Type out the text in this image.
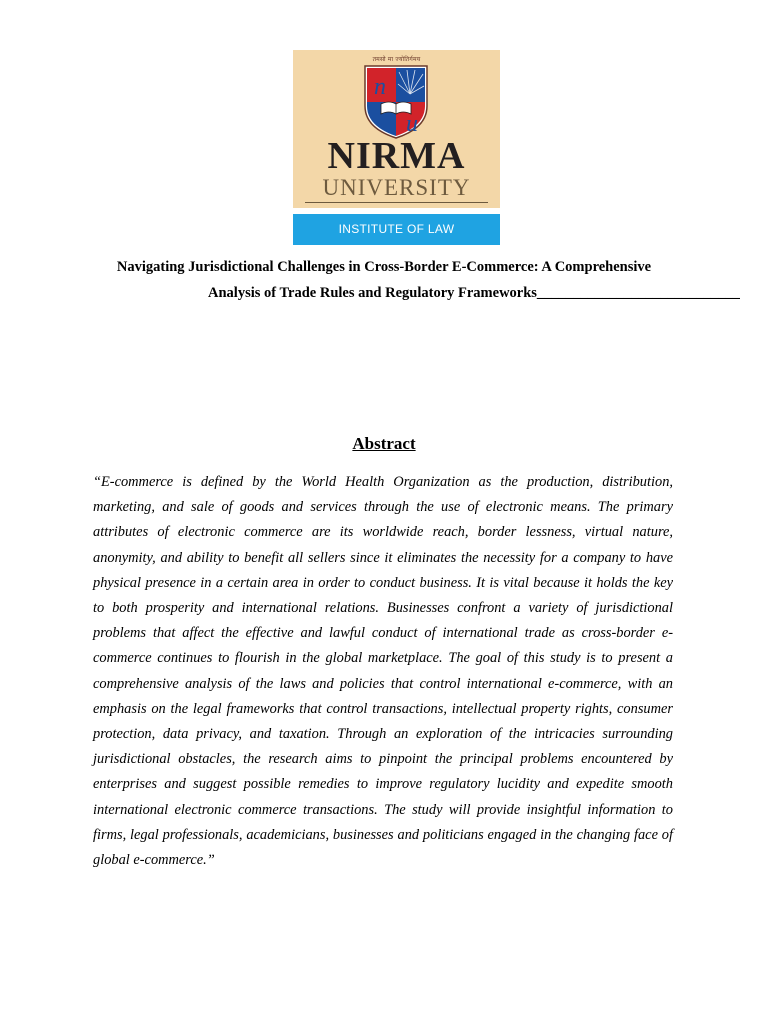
तमसो मा ज्योतिर्गमय
n
u
NIRMA
UNIVERSITY
INSTITUTE OF LAW
Navigating Jurisdictional Challenges in Cross-Border E-Commerce: A Comprehensive
Analysis of Trade Rules and Regulatory Frameworks____________________________
Abstract

“E-commerce is defined by the World Health Organization as the production, distribution, marketing, and sale of goods and services through the use of electronic means. The primary attributes of electronic commerce are its worldwide reach, border lessness, virtual nature, anonymity, and ability to benefit all sellers since it eliminates the necessity for a company to have physical presence in a certain area in order to conduct business. It is vital because it holds the key to both prosperity and international relations. Businesses confront a variety of jurisdictional problems that affect the effective and lawful conduct of international trade as cross-border e-commerce continues to flourish in the global marketplace. The goal of this study is to present a comprehensive analysis of the laws and policies that control international e-commerce, with an emphasis on the legal frameworks that control transactions, intellectual property rights, consumer protection, data privacy, and taxation. Through an exploration of the intricacies surrounding jurisdictional obstacles, the research aims to pinpoint the principal problems encountered by enterprises and suggest possible remedies to improve regulatory lucidity and expedite smooth international electronic commerce transactions. The study will provide insightful information to firms, legal professionals, academicians, businesses and politicians engaged in the changing face of global e-commerce.”
